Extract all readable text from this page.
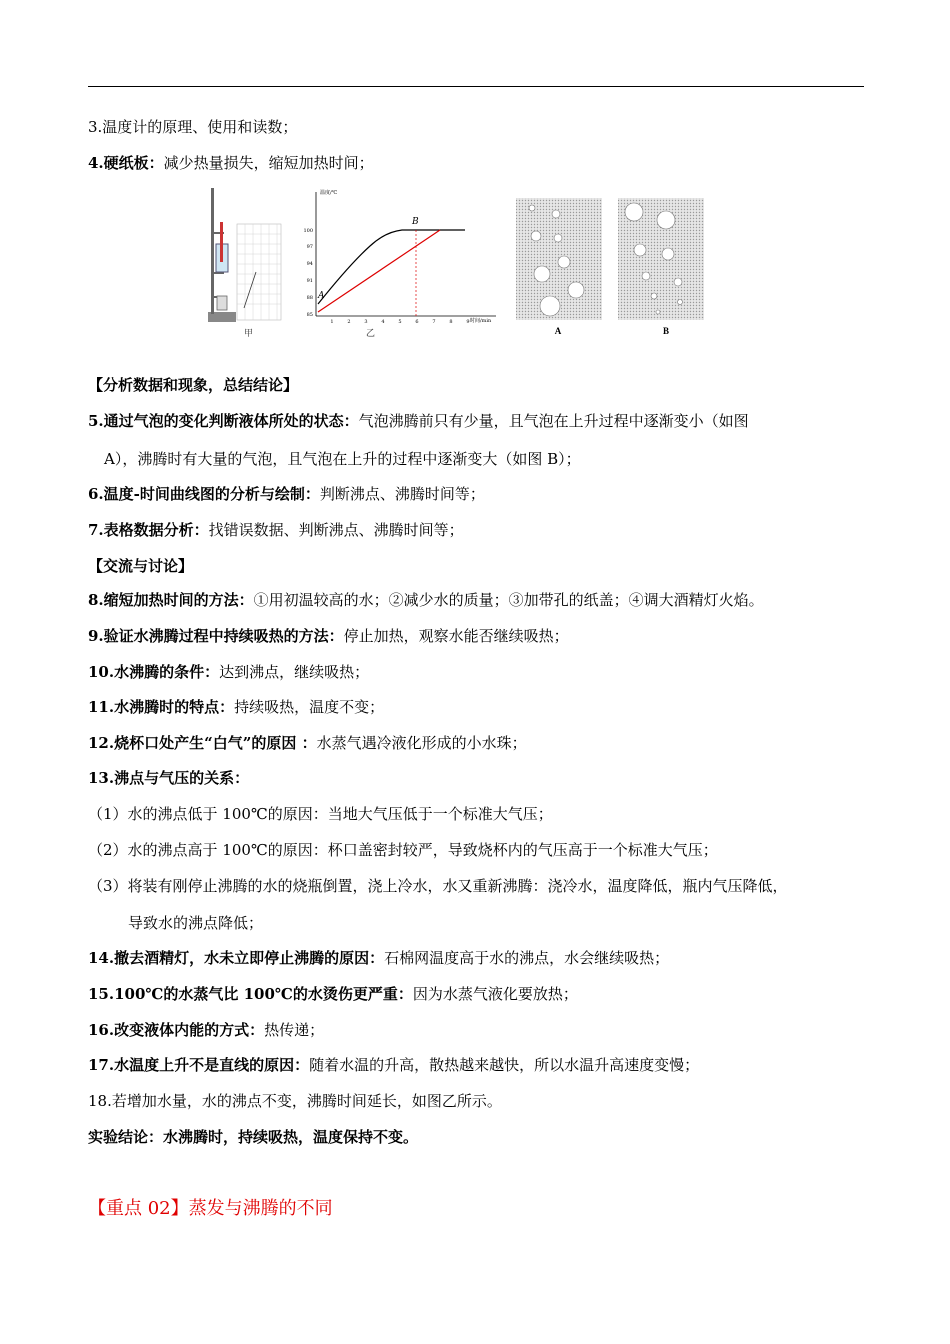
3.温度计的原理、使用和读数；
4.硬纸板：减少热量损失，缩短加热时间；
甲
温度/℃
时间/min
100
97
94
91
88
85
1	2	3	4	5	6	7	8	9
A
B
乙	A	B
【分析数据和现象，总结结论】
5.通过气泡的变化判断液体所处的状态：气泡沸腾前只有少量，且气泡在上升过程中逐渐变小（如图
A），沸腾时有大量的气泡，且气泡在上升的过程中逐渐变大（如图 B）；
6.温度-时间曲线图的分析与绘制：判断沸点、沸腾时间等；
7.表格数据分析：找错误数据、判断沸点、沸腾时间等；
【交流与讨论】
8.缩短加热时间的方法：①用初温较高的水；②减少水的质量；③加带孔的纸盖；④调大酒精灯火焰。
9.验证水沸腾过程中持续吸热的方法：停止加热，观察水能否继续吸热；
10.水沸腾的条件：达到沸点，继续吸热；
11.水沸腾时的特点：持续吸热，温度不变；
12.烧杯口处产生“白气”的原因 ：水蒸气遇冷液化形成的小水珠；
13.沸点与气压的关系：
（1）水的沸点低于 100℃的原因：当地大气压低于一个标准大气压；
（2）水的沸点高于 100℃的原因：杯口盖密封较严，导致烧杯内的气压高于一个标准大气压；
（3）将装有刚停止沸腾的水的烧瓶倒置，浇上冷水，水又重新沸腾：浇冷水，温度降低，瓶内气压降低，
导致水的沸点降低；
14.撤去酒精灯，水未立即停止沸腾的原因：石棉网温度高于水的沸点，水会继续吸热；
15.100℃的水蒸气比 100℃的水烫伤更严重：因为水蒸气液化要放热；
16.改变液体内能的方式：热传递；
17.水温度上升不是直线的原因：随着水温的升高，散热越来越快，所以水温升高速度变慢；
18.若增加水量，水的沸点不变，沸腾时间延长，如图乙所示。
实验结论：水沸腾时，持续吸热，温度保持不变。
【重点 02】蒸发与沸腾的不同
